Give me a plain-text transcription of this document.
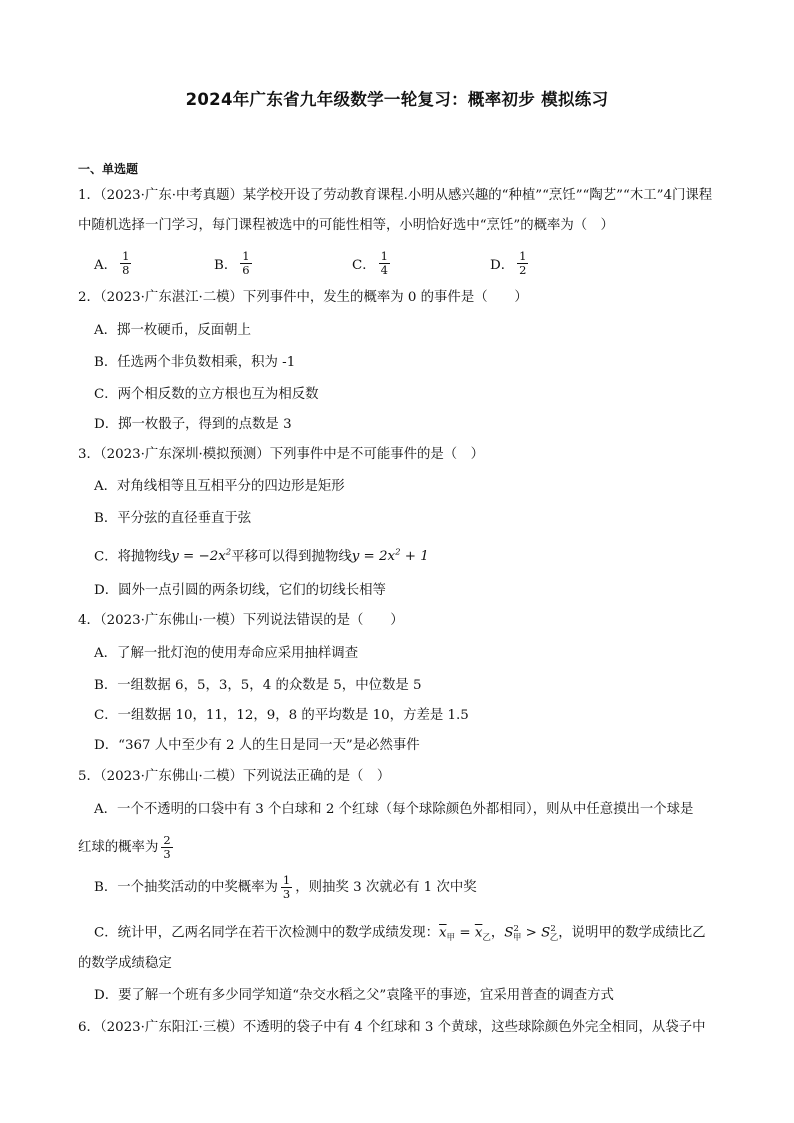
2024年广东省九年级数学一轮复习：概率初步 模拟练习
一、单选题
1．（2023·广东·中考真题）某学校开设了劳动教育课程.小明从感兴趣的“种植”“烹饪”“陶艺”“木工”4门课程
中随机选择一门学习，每门课程被选中的可能性相等，小明恰好选中“烹饪”的概率为（　）
A． $\frac{1}{8}$	B． $\frac{1}{6}$	C． $\frac{1}{4}$	D． $\frac{1}{2}$
2．（2023·广东湛江·二模）下列事件中，发生的概率为 0 的事件是（　　）
A．掷一枚硬币，反面朝上
B．任选两个非负数相乘，积为 -1
C．两个相反数的立方根也互为相反数
D．掷一枚骰子，得到的点数是 3
3．（2023·广东深圳·模拟预测）下列事件中是不可能事件的是（　）
A．对角线相等且互相平分的四边形是矩形
B．平分弦的直径垂直于弦
C．将抛物线$y = -2x^2$平移可以得到抛物线$y = 2x^2 + 1$
D．圆外一点引圆的两条切线，它们的切线长相等
4．（2023·广东佛山·一模）下列说法错误的是（　　）
A．了解一批灯泡的使用寿命应采用抽样调查
B．一组数据 6，5，3，5，4 的众数是 5，中位数是 5
C．一组数据 10，11，12，9，8 的平均数是 10，方差是 1.5
D．“367 人中至少有 2 人的生日是同一天”是必然事件
5．（2023·广东佛山·二模）下列说法正确的是（　）
A．一个不透明的口袋中有 3 个白球和 2 个红球（每个球除颜色外都相同），则从中任意摸出一个球是
红球的概率为 $\frac{2}{3}$
B．一个抽奖活动的中奖概率为 $\frac{1}{3}$ ，则抽奖 3 次就必有 1 次中奖
C．统计甲，乙两名同学在若干次检测中的数学成绩发现：$\overline{x}_甲 = \overline{x}_乙$，$S^2_甲 > S^2_乙$，说明甲的数学成绩比乙
的数学成绩稳定
D．要了解一个班有多少同学知道“杂交水稻之父”袁隆平的事迹，宜采用普查的调查方式
6．（2023·广东阳江·三模）不透明的袋子中有 4 个红球和 3 个黄球，这些球除颜色外完全相同，从袋子中
